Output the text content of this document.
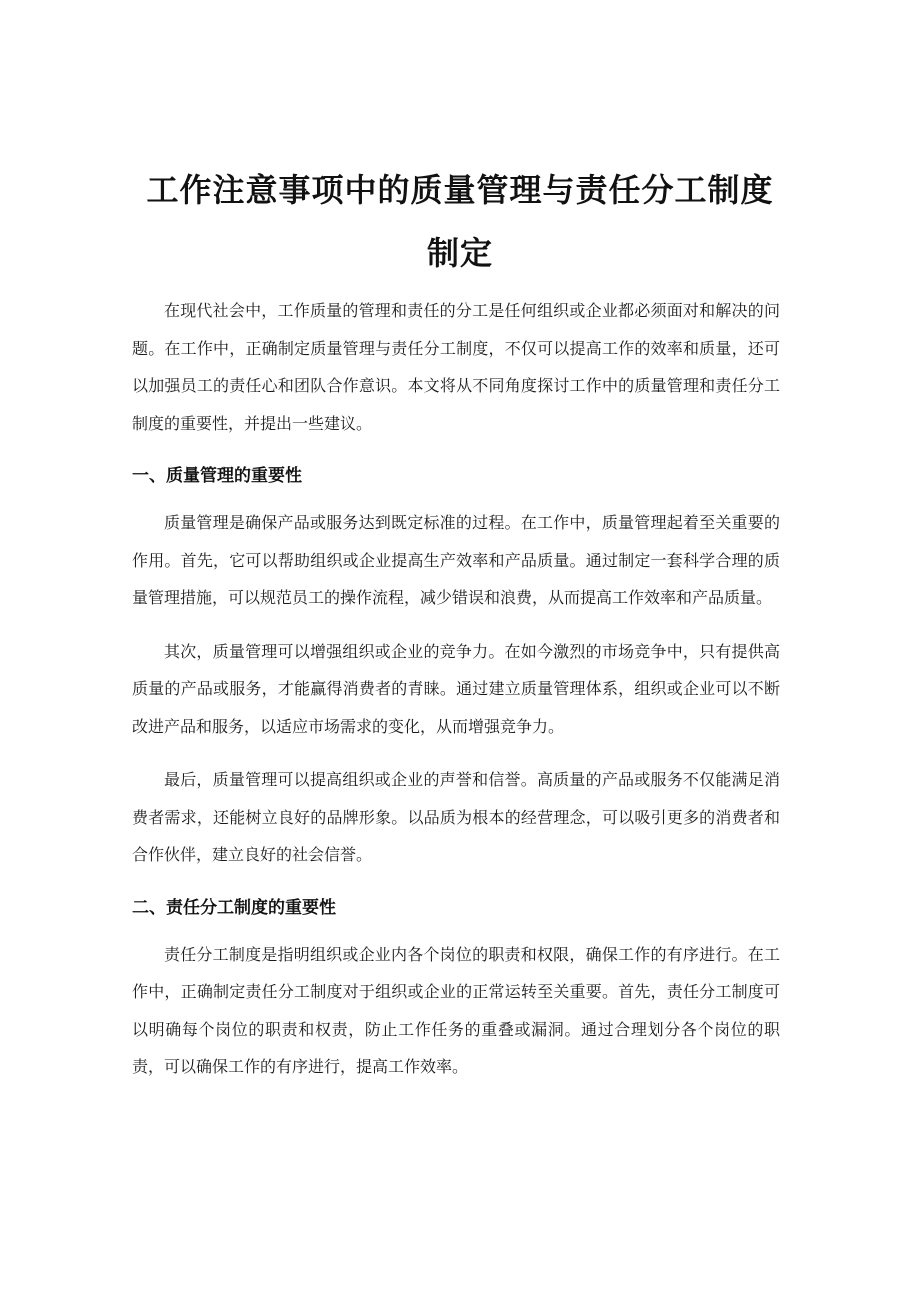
工作注意事项中的质量管理与责任分工制度
制定

在现代社会中，工作质量的管理和责任的分工是任何组织或企业都必须面对和解决的问题。在工作中，正确制定质量管理与责任分工制度，不仅可以提高工作的效率和质量，还可以加强员工的责任心和团队合作意识。本文将从不同角度探讨工作中的质量管理和责任分工制度的重要性，并提出一些建议。

一、质量管理的重要性

质量管理是确保产品或服务达到既定标准的过程。在工作中，质量管理起着至关重要的作用。首先，它可以帮助组织或企业提高生产效率和产品质量。通过制定一套科学合理的质量管理措施，可以规范员工的操作流程，减少错误和浪费，从而提高工作效率和产品质量。

其次，质量管理可以增强组织或企业的竞争力。在如今激烈的市场竞争中，只有提供高质量的产品或服务，才能赢得消费者的青睐。通过建立质量管理体系，组织或企业可以不断改进产品和服务，以适应市场需求的变化，从而增强竞争力。

最后，质量管理可以提高组织或企业的声誉和信誉。高质量的产品或服务不仅能满足消费者需求，还能树立良好的品牌形象。以品质为根本的经营理念，可以吸引更多的消费者和合作伙伴，建立良好的社会信誉。

二、责任分工制度的重要性

责任分工制度是指明组织或企业内各个岗位的职责和权限，确保工作的有序进行。在工作中，正确制定责任分工制度对于组织或企业的正常运转至关重要。首先，责任分工制度可以明确每个岗位的职责和权责，防止工作任务的重叠或漏洞。通过合理划分各个岗位的职责，可以确保工作的有序进行，提高工作效率。
